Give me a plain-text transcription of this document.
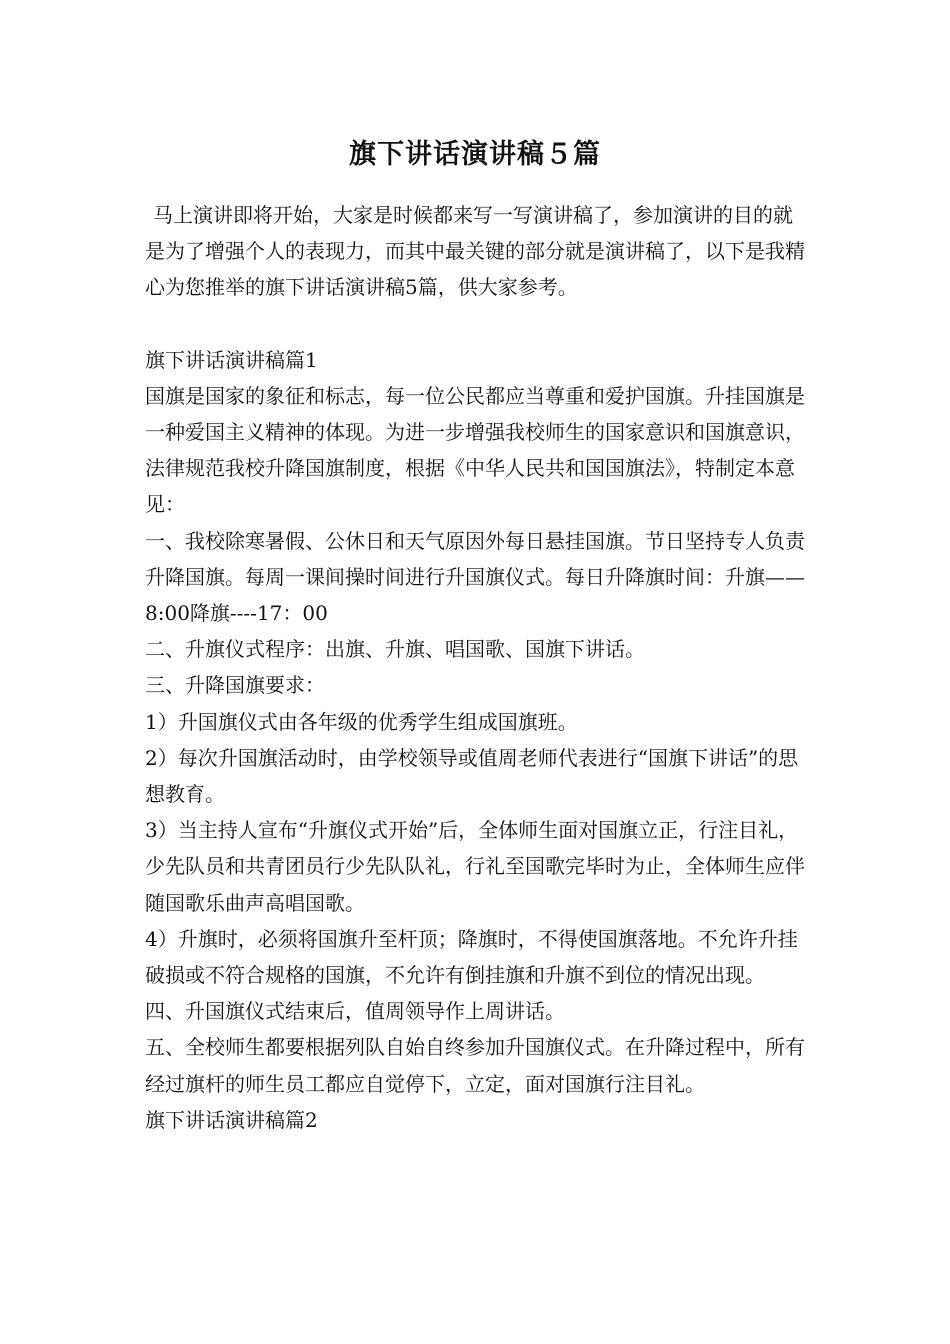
旗下讲话演讲稿５篇

马上演讲即将开始，大家是时候都来写一写演讲稿了，参加演讲的目的就是为了增强个人的表现力，而其中最关键的部分就是演讲稿了，以下是我精心为您推举的旗下讲话演讲稿5篇，供大家参考。

旗下讲话演讲稿篇1

国旗是国家的象征和标志，每一位公民都应当尊重和爱护国旗。升挂国旗是一种爱国主义精神的体现。为进一步增强我校师生的国家意识和国旗意识，法律规范我校升降国旗制度，根据《中华人民共和国国旗法》，特制定本意见：

一、我校除寒暑假、公休日和天气原因外每日悬挂国旗。节日坚持专人负责升降国旗。每周一课间操时间进行升国旗仪式。每日升降旗时间：升旗——8:00降旗----17：00

二、升旗仪式程序：出旗、升旗、唱国歌、国旗下讲话。

三、升降国旗要求：

1）升国旗仪式由各年级的优秀学生组成国旗班。

2）每次升国旗活动时，由学校领导或值周老师代表进行“国旗下讲话”的思想教育。

3）当主持人宣布“升旗仪式开始”后，全体师生面对国旗立正，行注目礼，少先队员和共青团员行少先队队礼，行礼至国歌完毕时为止，全体师生应伴随国歌乐曲声高唱国歌。

4）升旗时，必须将国旗升至杆顶；降旗时，不得使国旗落地。不允许升挂破损或不符合规格的国旗，不允许有倒挂旗和升旗不到位的情况出现。

四、升国旗仪式结束后，值周领导作上周讲话。

五、全校师生都要根据列队自始自终参加升国旗仪式。在升降过程中，所有经过旗杆的师生员工都应自觉停下，立定，面对国旗行注目礼。

旗下讲话演讲稿篇2
